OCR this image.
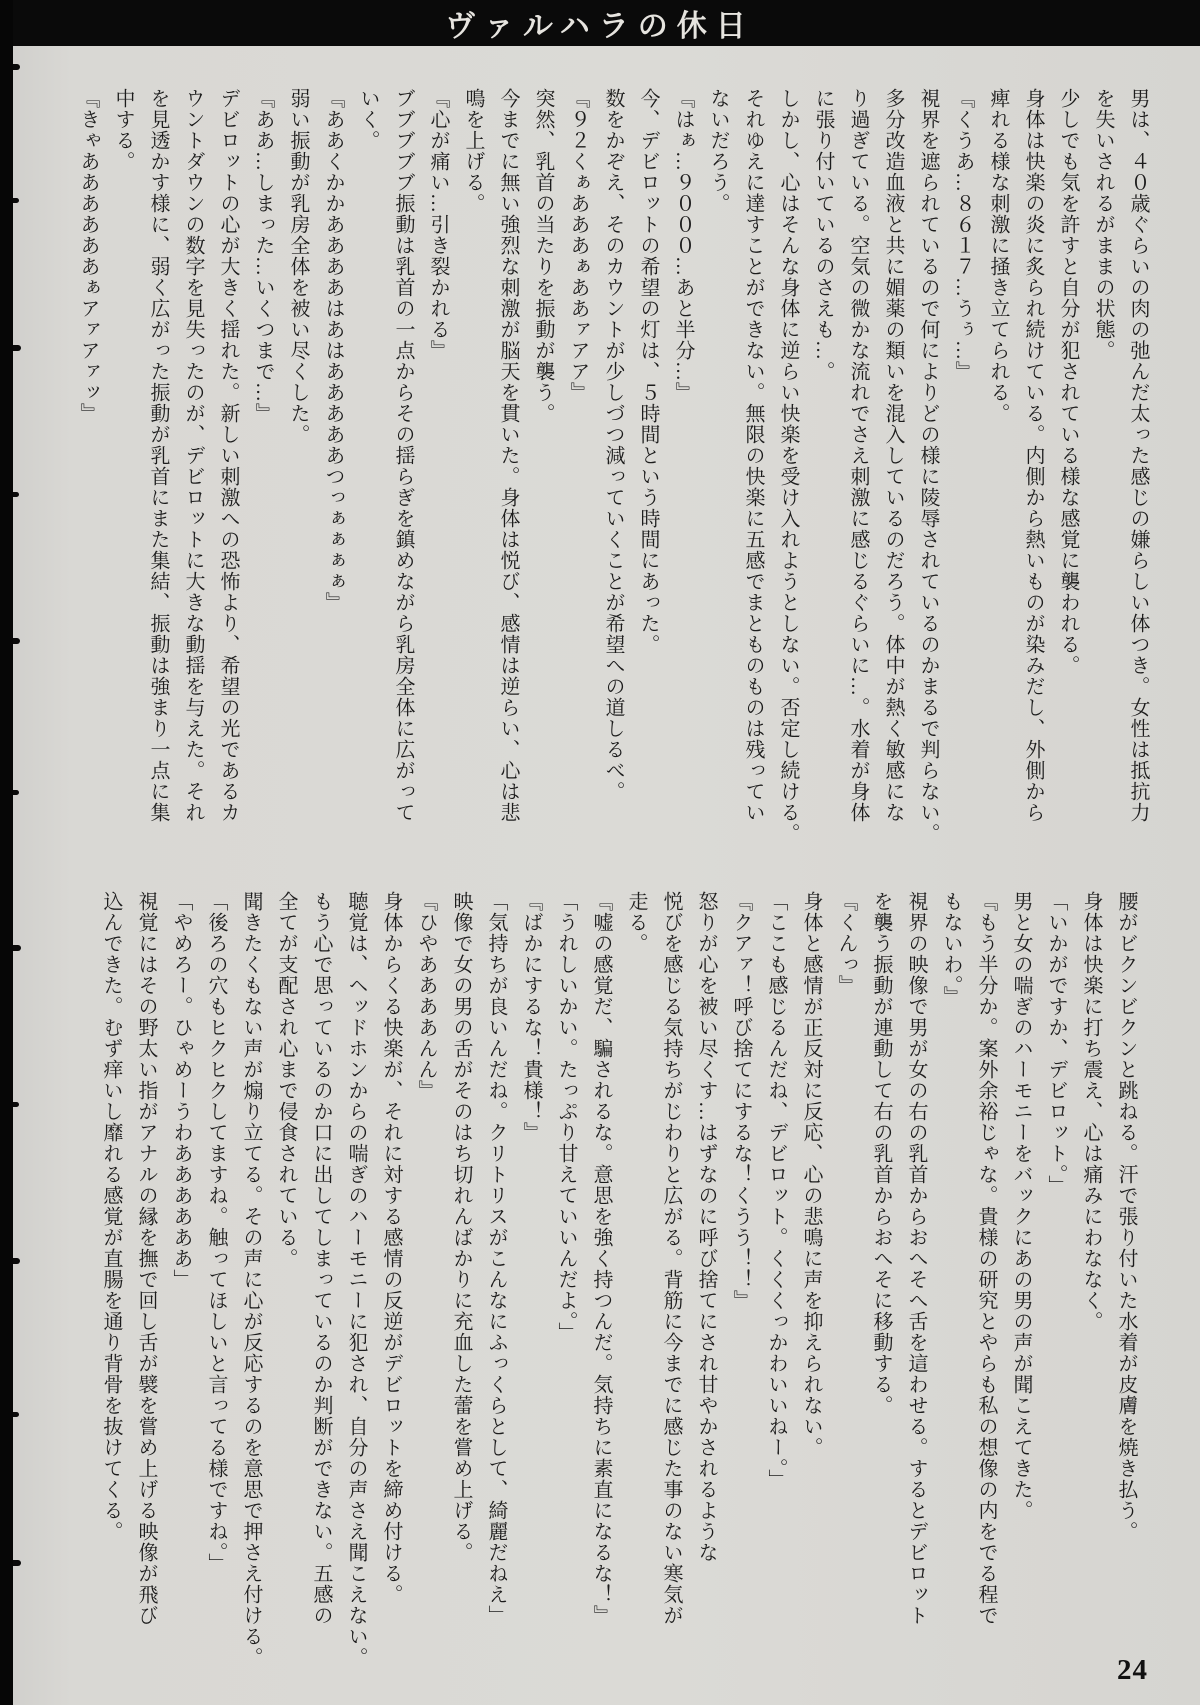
ヴァルハラの休日
男は、４０歳ぐらいの肉の弛んだ太った感じの嫌らしい体つき。女性は抵抗力
を失いされるがままの状態。
少しでも気を許すと自分が犯されている様な感覚に襲われる。
身体は快楽の炎に炙られ続けている。内側から熱いものが染みだし、外側から
痺れる様な刺激に掻き立てられる。
『くうあ…８６１７…うぅ…』
視界を遮られているので何によりどの様に陵辱されているのかまるで判らない。
多分改造血液と共に媚薬の類いを混入しているのだろう。体中が熱く敏感にな
り過ぎている。空気の微かな流れでさえ刺激に感じるぐらいに…。水着が身体
に張り付いているのさえも…。
しかし、心はそんな身体に逆らい快楽を受け入れようとしない。否定し続ける。
それゆえに達すことができない。無限の快楽に五感でまとものものは残ってい
ないだろう。
『はぁ…９０００…あと半分…』
今、デビロットの希望の灯は、５時間という時間にあった。
数をかぞえ、そのカウントが少しづつ減っていくことが希望への道しるべ。
『９２くぁあああぁああァアア』
突然、乳首の当たりを振動が襲う。
今までに無い強烈な刺激が脳天を貫いた。身体は悦び、感情は逆らい、心は悲
鳴を上げる。
『心が痛い…引き裂かれる』
ブブブブブ振動は乳首の一点からその揺らぎを鎮めながら乳房全体に広がって
いく。
『ああくかかああああはあはあああああつっぁぁぁぁ』
弱い振動が乳房全体を被い尽くした。
『ああ…しまった…いくつまで…』
デビロットの心が大きく揺れた。新しい刺激への恐怖より、希望の光であるカ
ウントダウンの数字を見失ったのが、デビロットに大きな動揺を与えた。それ
を見透かす様に、弱く広がった振動が乳首にまた集結、振動は強まり一点に集
中する。
『きゃああああああぁアァアァッ』
腰がビクンビクンと跳ねる。汗で張り付いた水着が皮膚を焼き払う。
身体は快楽に打ち震え、心は痛みにわななく。
「いかがですか、デビロット。」
男と女の喘ぎのハーモニーをバックにあの男の声が聞こえてきた。
『もう半分か。案外余裕じゃな。貴様の研究とやらも私の想像の内をでる程で
もないわ。』
視界の映像で男が女の右の乳首からおへそへ舌を這わせる。するとデビロット
を襲う振動が連動して右の乳首からおへそに移動する。
『くんっ』
身体と感情が正反対に反応、心の悲鳴に声を抑えられない。
「ここも感じるんだね、デビロット。くくくっかわいいねー。」
『クアァ！呼び捨てにするな！くうう！！』
怒りが心を被い尽くす…はずなのに呼び捨てにされ甘やかされるような
悦びを感じる気持ちがじわりと広がる。背筋に今までに感じた事のない寒気が
走る。
『嘘の感覚だ、騙されるな。意思を強く持つんだ。気持ちに素直になるな！』
「うれしいかい。たっぷり甘えていいんだよ。」
『ばかにするな！貴様！』
「気持ちが良いんだね。クリトリスがこんなにふっくらとして、綺麗だねえ」
映像で女の男の舌がそのはち切れんばかりに充血した蕾を嘗め上げる。
『ひやああああんん』
身体からくる快楽が、それに対する感情の反逆がデビロットを締め付ける。
聴覚は、ヘッドホンからの喘ぎのハーモニーに犯され、自分の声さえ聞こえない。
もう心で思っているのか口に出してしまっているのか判断ができない。五感の
全てが支配され心まで侵食されている。
聞きたくもない声が煽り立てる。その声に心が反応するのを意思で押さえ付ける。
「後ろの穴もヒクヒクしてますね。触ってほしいと言ってる様ですね。」
「やめろー。ひゃめーうわああああああ」
視覚にはその野太い指がアナルの縁を撫で回し舌が襞を嘗め上げる映像が飛び
込んできた。むず痒いし靡れる感覚が直腸を通り背骨を抜けてくる。
24
